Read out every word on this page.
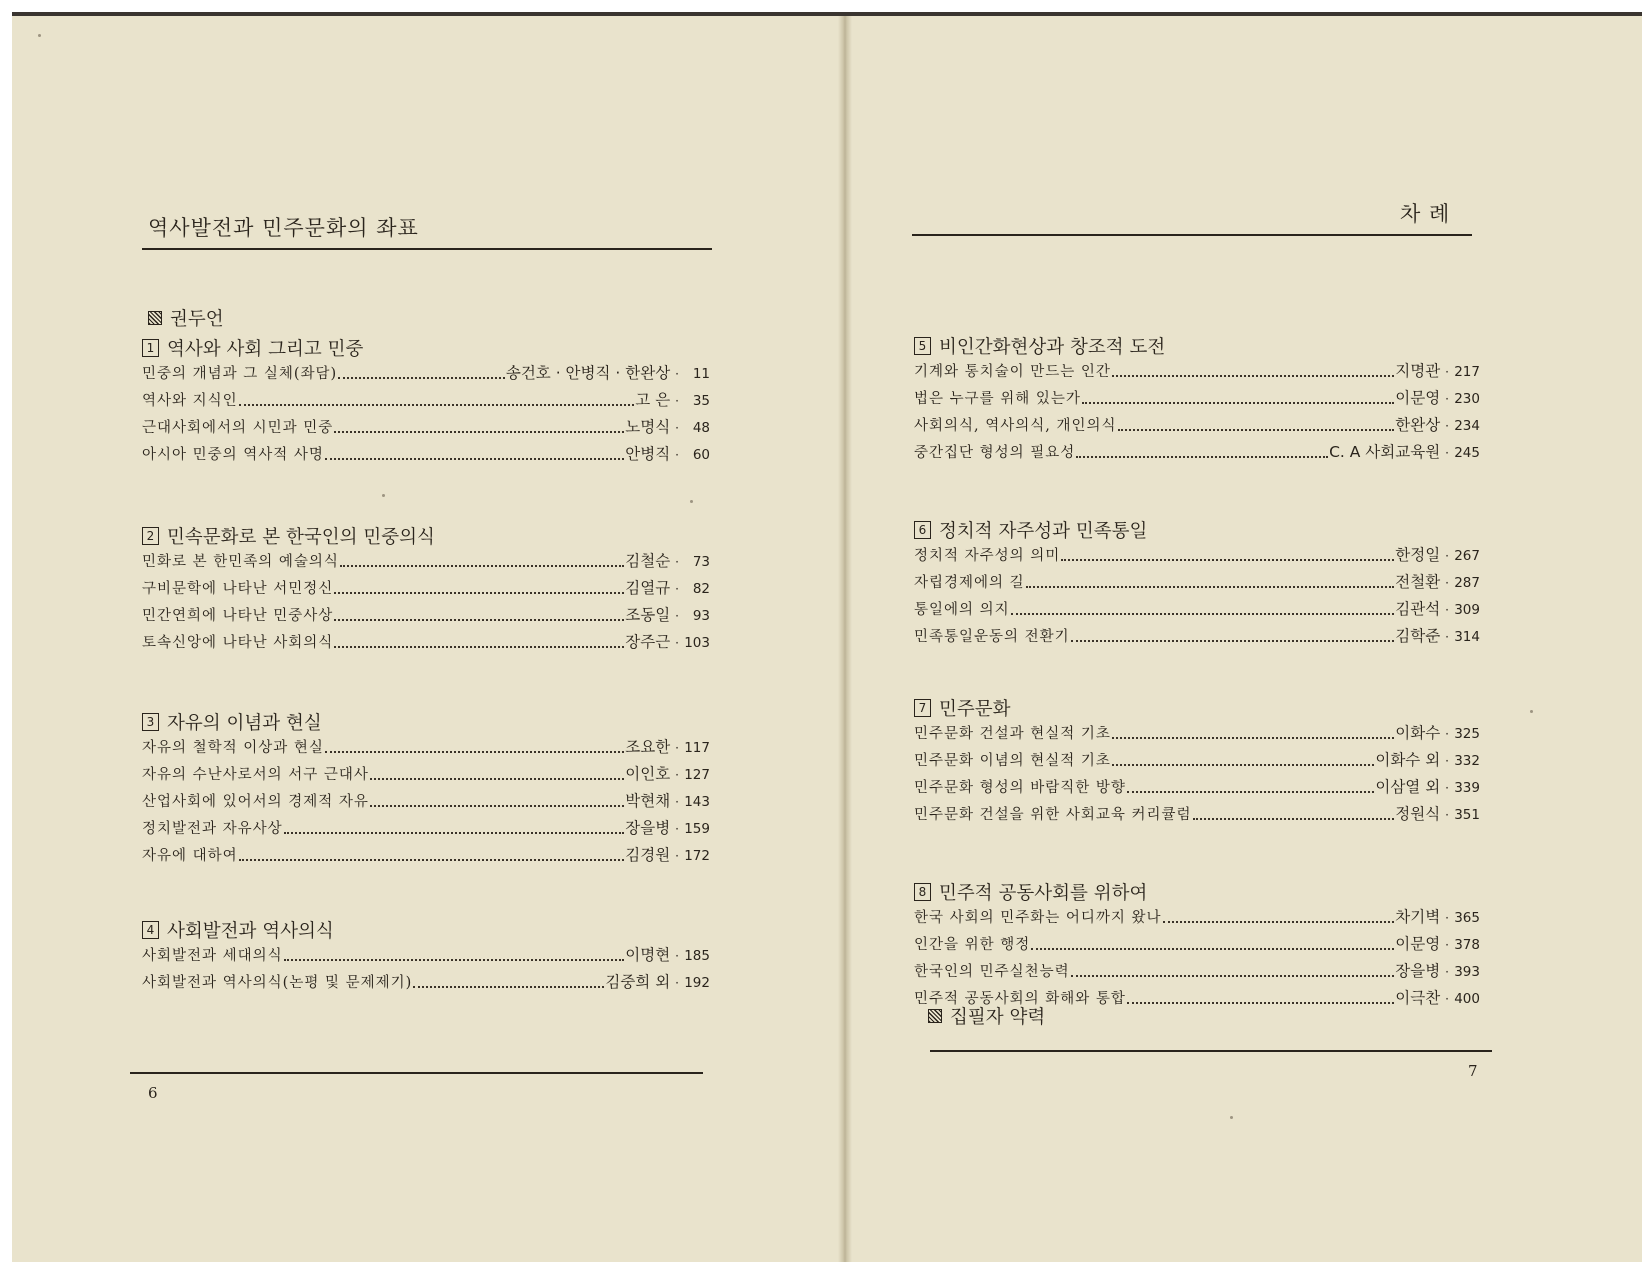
역사발전과 민주문화의 좌표
권두언
1 역사와 사회 그리고 민중
민중의 개념과 그 실체(좌담)	송건호 · 안병직 · 한완상 ·	11
역사와 지식인	고 은 ·	35
근대사회에서의 시민과 민중	노명식 ·	48
아시아 민중의 역사적 사명	안병직 ·	60
2 민속문화로 본 한국인의 민중의식
민화로 본 한민족의 예술의식	김철순 ·	73
구비문학에 나타난 서민정신	김열규 ·	82
민간연희에 나타난 민중사상	조동일 ·	93
토속신앙에 나타난 사회의식	장주근 · 103
3 자유의 이념과 현실
자유의 철학적 이상과 현실	조요한 · 117
자유의 수난사로서의 서구 근대사	이인호 · 127
산업사회에 있어서의 경제적 자유	박현채 · 143
정치발전과 자유사상	장을병 · 159
자유에 대하여	김경원 · 172
4 사회발전과 역사의식
사회발전과 세대의식	이명현 · 185
사회발전과 역사의식(논평 및 문제제기)	김중희 외 · 192
6
차 례
5 비인간화현상과 창조적 도전
기계와 통치술이 만드는 인간	지명관 · 217
법은 누구를 위해 있는가	이문영 · 230
사회의식, 역사의식, 개인의식	한완상 · 234
중간집단 형성의 필요성	C. A 사회교육원 · 245
6 정치적 자주성과 민족통일
정치적 자주성의 의미	한정일 · 267
자립경제에의 길	전철환 · 287
통일에의 의지	김관석 · 309
민족통일운동의 전환기	김학준 · 314
7 민주문화
민주문화 건설과 현실적 기초	이화수 · 325
민주문화 이념의 현실적 기초	이화수 외 · 332
민주문화 형성의 바람직한 방향	이삼열 외 · 339
민주문화 건설을 위한 사회교육 커리큘럼	정원식 · 351
8 민주적 공동사회를 위하여
한국 사회의 민주화는 어디까지 왔나	차기벽 · 365
인간을 위한 행정	이문영 · 378
한국인의 민주실천능력	장을병 · 393
민주적 공동사회의 화해와 통합	이극찬 · 400
집필자 약력
7
